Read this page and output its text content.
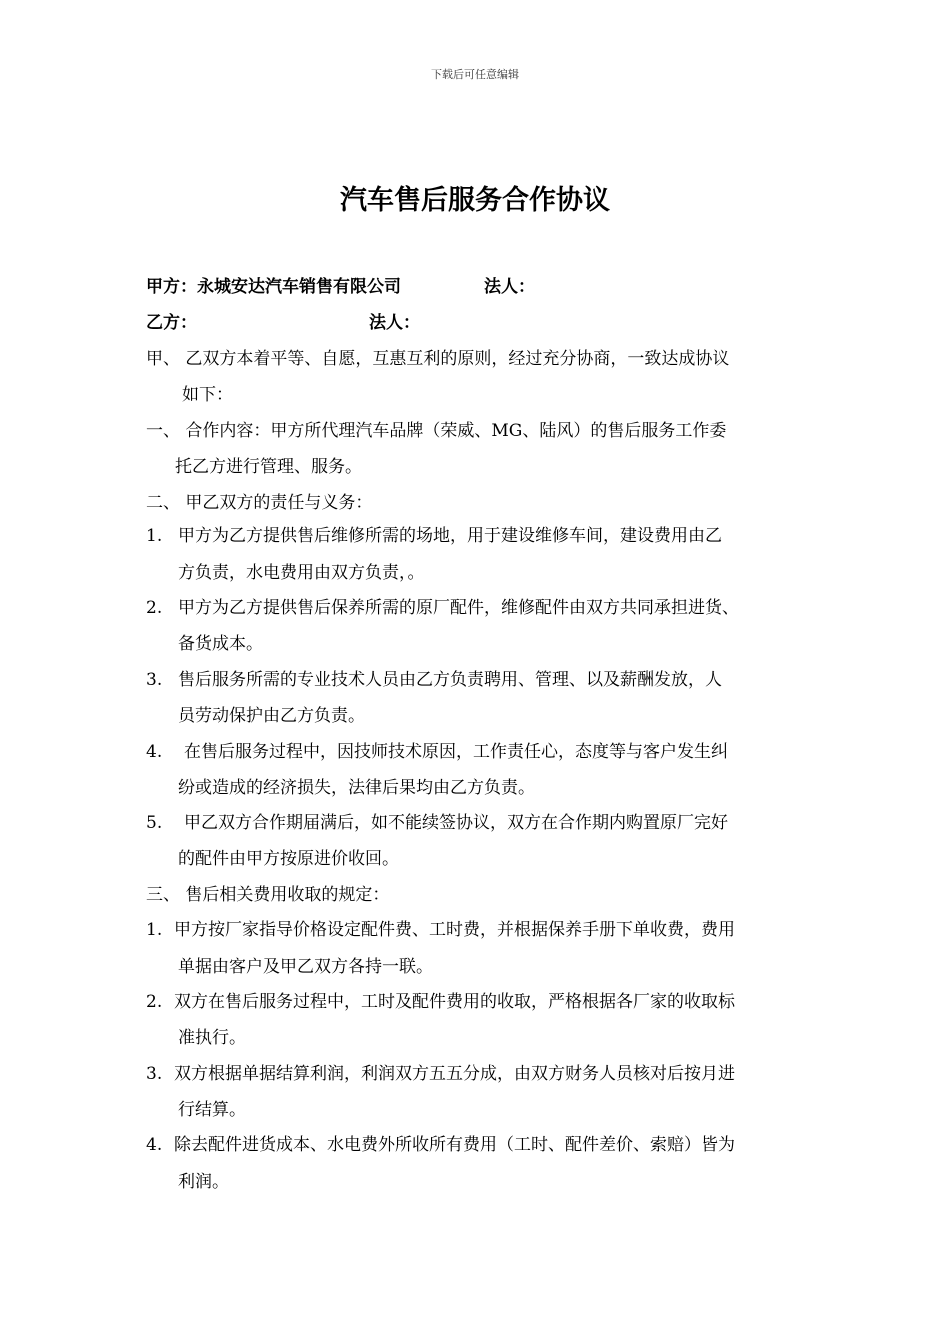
下载后可任意编辑
汽车售后服务合作协议
甲方：永城安达汽车销售有限公司	法人：
乙方：	法人：
甲、 乙双方本着平等、自愿，互惠互利的原则，经过充分协商，一致达成协议
如下：
一、 合作内容：甲方所代理汽车品牌（荣威、MG、陆风）的售后服务工作委
托乙方进行管理、服务。
二、 甲乙双方的责任与义务：
1. 甲方为乙方提供售后维修所需的场地，用于建设维修车间，建设费用由乙
方负责，水电费用由双方负责，。
2. 甲方为乙方提供售后保养所需的原厂配件，维修配件由双方共同承担进货、
备货成本。
3. 售后服务所需的专业技术人员由乙方负责聘用、管理、以及薪酬发放，人
员劳动保护由乙方负责。
4. 在售后服务过程中，因技师技术原因，工作责任心，态度等与客户发生纠
纷或造成的经济损失，法律后果均由乙方负责。
5. 甲乙双方合作期届满后，如不能续签协议，双方在合作期内购置原厂完好
的配件由甲方按原进价收回。
三、 售后相关费用收取的规定：
1. 甲方按厂家指导价格设定配件费、工时费，并根据保养手册下单收费，费用
单据由客户及甲乙双方各持一联。
2. 双方在售后服务过程中，工时及配件费用的收取，严格根据各厂家的收取标
准执行。
3. 双方根据单据结算利润，利润双方五五分成，由双方财务人员核对后按月进
行结算。
4. 除去配件进货成本、水电费外所收所有费用（工时、配件差价、索赔）皆为
利润。
